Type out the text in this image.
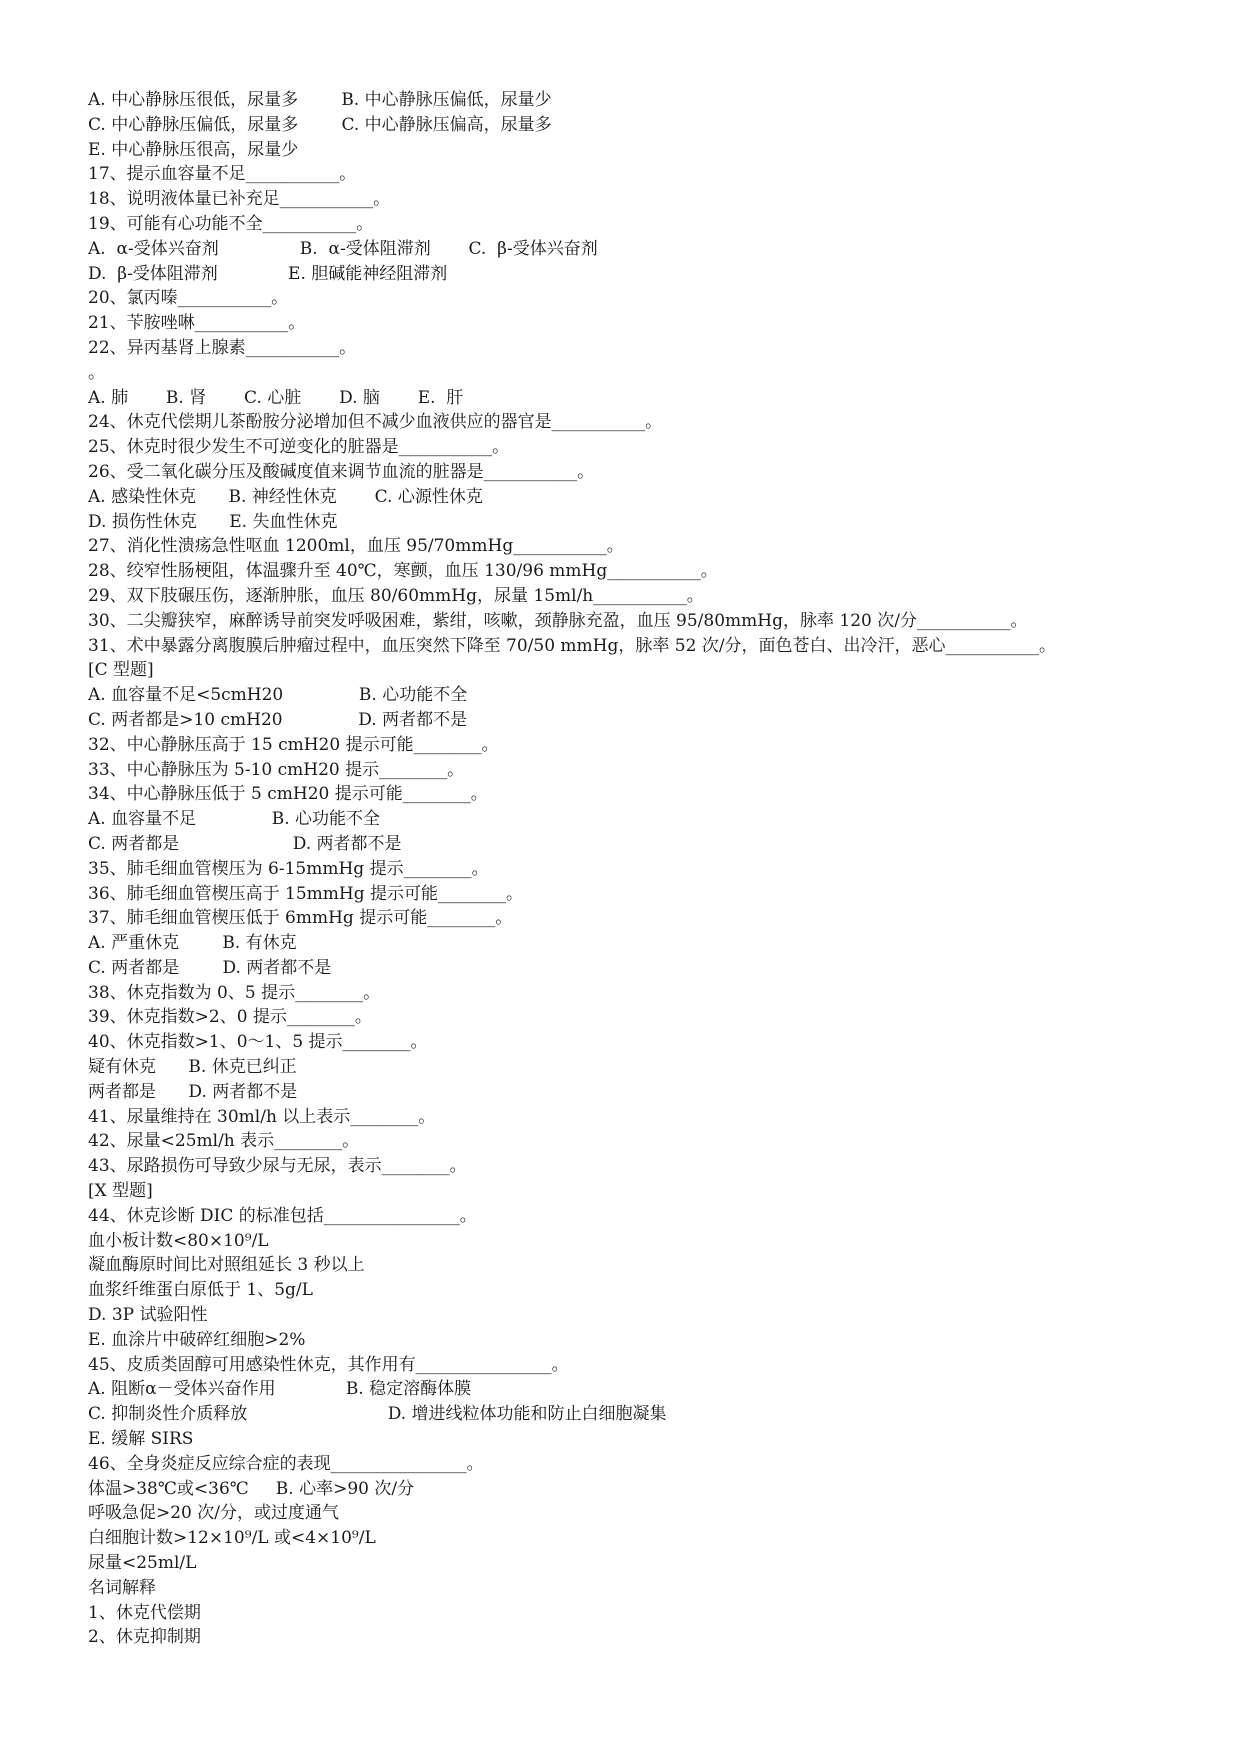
A. 中心静脉压很低，尿量多        B. 中心静脉压偏低，尿量少
C. 中心静脉压偏低，尿量多        C. 中心静脉压偏高，尿量多
E. 中心静脉压很高，尿量少
17、提示血容量不足___________。
18、说明液体量已补充足___________。
19、可能有心功能不全___________。
A.  α-受体兴奋剂               B.  α-受体阻滞剂       C.  β-受体兴奋剂
D.  β-受体阻滞剂             E. 胆碱能神经阻滞剂
20、氯丙嗪___________。
21、苄胺唑啉___________。
22、异丙基肾上腺素___________。
。
A. 肺       B. 肾       C. 心脏       D. 脑       E.  肝
24、休克代偿期儿茶酚胺分泌增加但不减少血液供应的器官是___________。
25、休克时很少发生不可逆变化的脏器是___________。
26、受二氧化碳分压及酸碱度值来调节血流的脏器是___________。
A. 感染性休克      B. 神经性休克       C. 心源性休克
D. 损伤性休克      E. 失血性休克
27、消化性溃疡急性呕血 1200ml，血压 95/70mmHg___________。
28、绞窄性肠梗阻，体温骤升至 40℃，寒颤，血压 130/96 mmHg___________。
29、双下肢碾压伤，逐渐肿胀，血压 80/60mmHg，尿量 15ml/h___________。
30、二尖瓣狭窄，麻醉诱导前突发呼吸困难，紫绀，咳嗽，颈静脉充盈，血压 95/80mmHg，脉率 120 次/分___________。
31、术中暴露分离腹膜后肿瘤过程中，血压突然下降至 70/50 mmHg，脉率 52 次/分，面色苍白、出冷汗，恶心___________。
[C 型题]
A. 血容量不足<5cmH20              B. 心功能不全
C. 两者都是>10 cmH20              D. 两者都不是
32、中心静脉压高于 15 cmH20 提示可能________。
33、中心静脉压为 5-10 cmH20 提示________。
34、中心静脉压低于 5 cmH20 提示可能________。
A. 血容量不足              B. 心功能不全
C. 两者都是                     D. 两者都不是
35、肺毛细血管楔压为 6-15mmHg 提示________。
36、肺毛细血管楔压高于 15mmHg 提示可能________。
37、肺毛细血管楔压低于 6mmHg 提示可能________。
A. 严重休克        B. 有休克
C. 两者都是        D. 两者都不是
38、休克指数为 0、5 提示________。
39、休克指数>2、0 提示________。
40、休克指数>1、0～1、5 提示________。
疑有休克      B. 休克已纠正
两者都是      D. 两者都不是
41、尿量维持在 30ml/h 以上表示________。
42、尿量<25ml/h 表示________。
43、尿路损伤可导致少尿与无尿，表示________。
[X 型题]
44、休克诊断 DIC 的标准包括________________。
血小板计数<80×10⁹/L
凝血酶原时间比对照组延长 3 秒以上
血浆纤维蛋白原低于 1、5g/L
D. 3P 试验阳性
E. 血涂片中破碎红细胞>2%
45、皮质类固醇可用感染性休克，其作用有________________。
A. 阻断α－受体兴奋作用             B. 稳定溶酶体膜
C. 抑制炎性介质释放                          D. 增进线粒体功能和防止白细胞凝集
E. 缓解 SIRS
46、全身炎症反应综合症的表现________________。
体温>38℃或<36℃     B. 心率>90 次/分
呼吸急促>20 次/分，或过度通气
白细胞计数>12×10⁹/L 或<4×10⁹/L
尿量<25ml/L
名词解释
1、休克代偿期
2、休克抑制期
